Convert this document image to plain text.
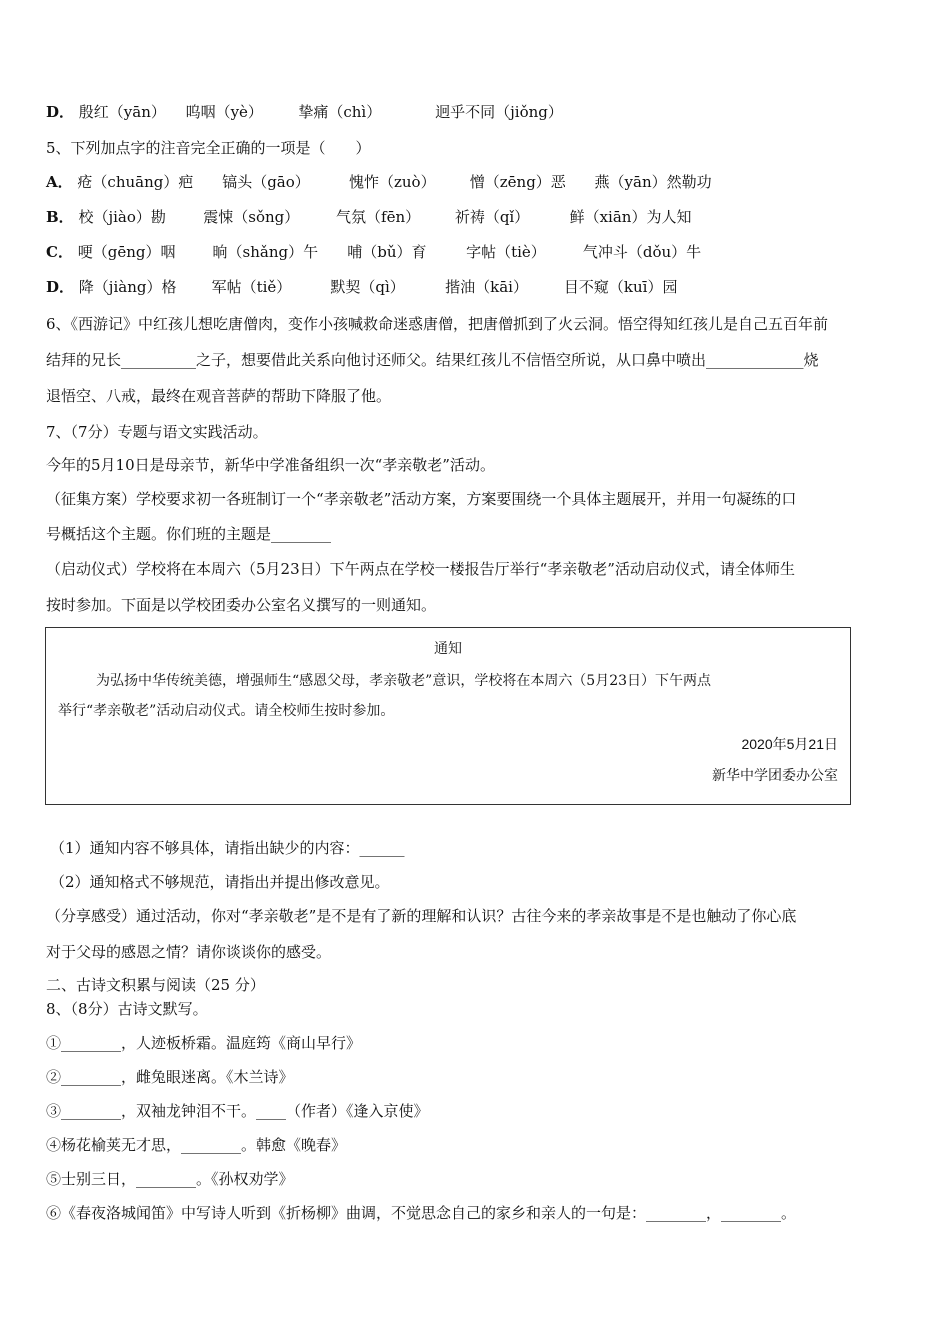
D． 殷红（yān） 呜咽（yè） 挚痛（chì）	迥乎不同（jiǒng）
5、下列加点字的注音完全正确的一项是（　　）
A． 疮（chuāng）疤 镐头（gāo）	愧怍（zuò） 憎（zēng）恶 燕（yān）然勒功
B． 校（jiào）勘 震悚（sǒng） 气氛（fēn） 祈祷（qǐ）	鲜（xiān）为人知
C． 哽（gēng）咽 晌（shǎng）午 哺（bǔ）育	字帖（tiè） 气冲斗（dǒu）牛
D． 降（jiàng）格 军帖（tiě）	默契（qì）	揩油（kāi） 目不窥（kuī）园
6、《西游记》中红孩儿想吃唐僧肉，变作小孩喊救命迷惑唐僧，把唐僧抓到了火云洞。悟空得知红孩儿是自己五百年前
结拜的兄长__________之子，想要借此关系向他讨还师父。结果红孩儿不信悟空所说，从口鼻中喷出_____________烧
退悟空、八戒，最终在观音菩萨的帮助下降服了他。
7、（7分）专题与语文实践活动。
今年的5月10日是母亲节，新华中学准备组织一次“孝亲敬老”活动。
（征集方案）学校要求初一各班制订一个“孝亲敬老”活动方案，方案要围绕一个具体主题展开，并用一句凝练的口
号概括这个主题。你们班的主题是________
（启动仪式）学校将在本周六（5月23日）下午两点在学校一楼报告厅举行“孝亲敬老”活动启动仪式，请全体师生
按时参加。下面是以学校团委办公室名义撰写的一则通知。
通知
为弘扬中华传统美德，增强师生“感恩父母，孝亲敬老”意识，学校将在本周六（5月23日）下午两点
举行“孝亲敬老”活动启动仪式。请全校师生按时参加。
2020年5月21日
新华中学团委办公室
（1）通知内容不够具体，请指出缺少的内容：______
（2）通知格式不够规范，请指出并提出修改意见。
（分享感受）通过活动，你对“孝亲敬老”是不是有了新的理解和认识？古往今来的孝亲故事是不是也触动了你心底
对于父母的感恩之情？请你谈谈你的感受。
二、古诗文积累与阅读（25 分）
8、（8分）古诗文默写。
①________，人迹板桥霜。温庭筠《商山早行》
②________，雌兔眼迷离。《木兰诗》
③________，双袖龙钟泪不干。____（作者）《逢入京使》
④杨花榆荚无才思，________。韩愈《晚春》
⑤士别三日，________。《孙权劝学》
⑥《春夜洛城闻笛》中写诗人听到《折杨柳》曲调，不觉思念自己的家乡和亲人的一句是：________，________。
